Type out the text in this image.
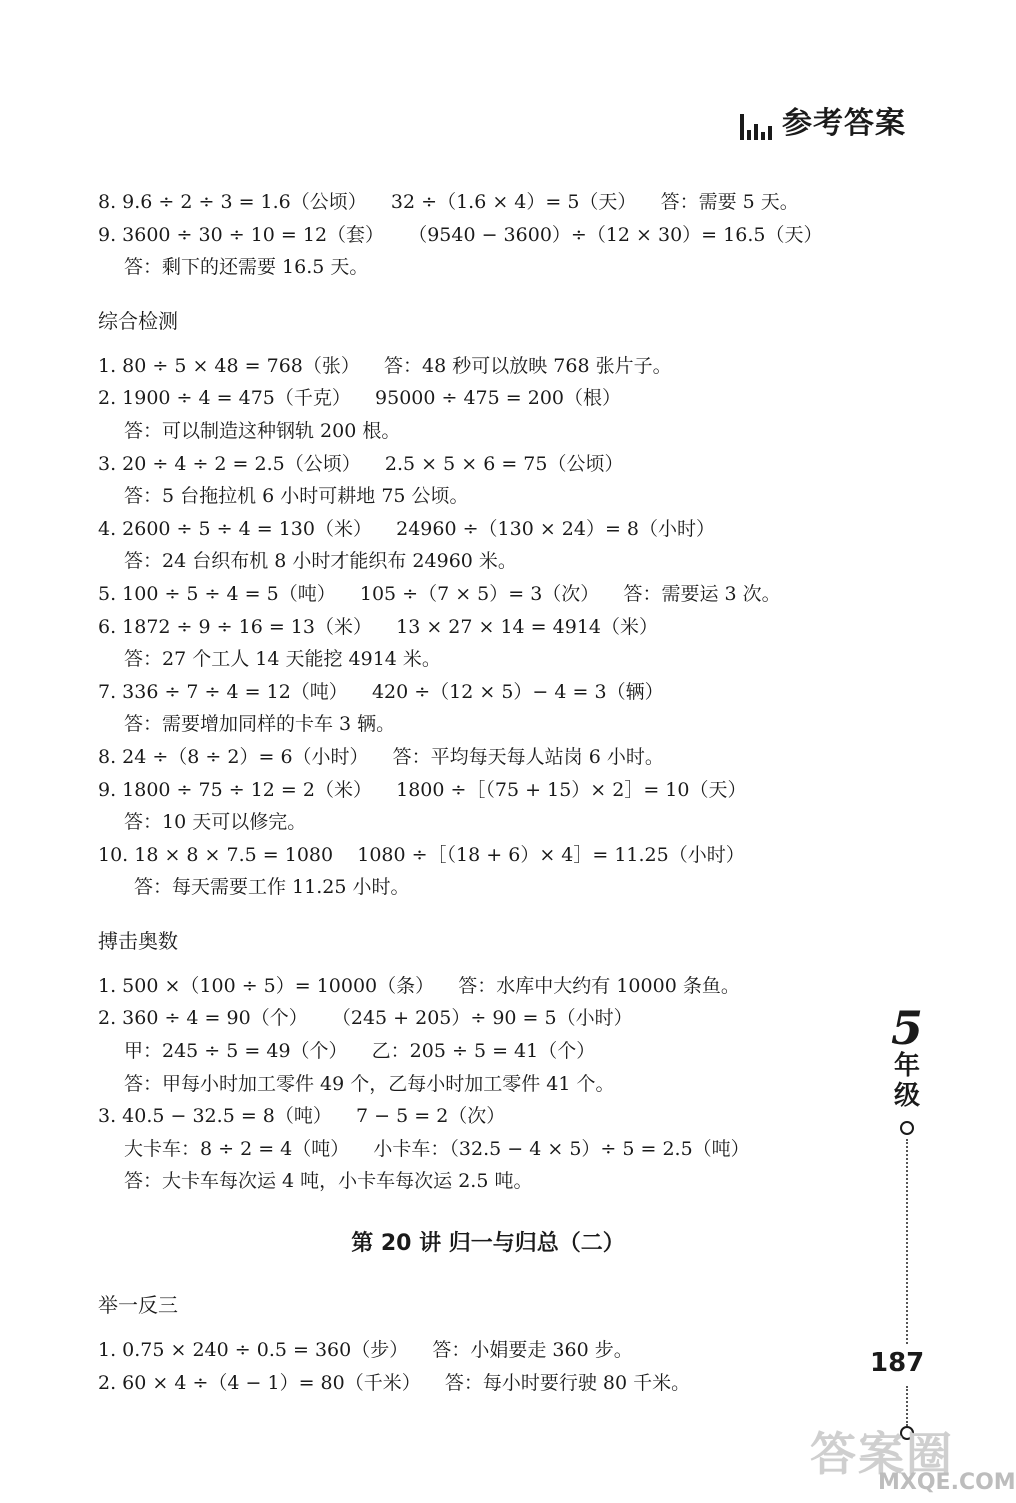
参考答案
8. 9.6 ÷ 2 ÷ 3 = 1.6（公顷）    32 ÷（1.6 × 4）= 5（天）    答：需要 5 天。
9. 3600 ÷ 30 ÷ 10 = 12（套）    （9540 − 3600）÷（12 × 30）= 16.5（天）
答：剩下的还需要 16.5 天。
综合检测
1. 80 ÷ 5 × 48 = 768（张）    答：48 秒可以放映 768 张片子。
2. 1900 ÷ 4 = 475（千克）    95000 ÷ 475 = 200（根）
答：可以制造这种钢轨 200 根。
3. 20 ÷ 4 ÷ 2 = 2.5（公顷）    2.5 × 5 × 6 = 75（公顷）
答：5 台拖拉机 6 小时可耕地 75 公顷。
4. 2600 ÷ 5 ÷ 4 = 130（米）    24960 ÷（130 × 24）= 8（小时）
答：24 台织布机 8 小时才能织布 24960 米。
5. 100 ÷ 5 ÷ 4 = 5（吨）    105 ÷（7 × 5）= 3（次）    答：需要运 3 次。
6. 1872 ÷ 9 ÷ 16 = 13（米）    13 × 27 × 14 = 4914（米）
答：27 个工人 14 天能挖 4914 米。
7. 336 ÷ 7 ÷ 4 = 12（吨）    420 ÷（12 × 5）− 4 = 3（辆）
答：需要增加同样的卡车 3 辆。
8. 24 ÷（8 ÷ 2）= 6（小时）    答：平均每天每人站岗 6 小时。
9. 1800 ÷ 75 ÷ 12 = 2（米）    1800 ÷［（75 + 15）× 2］= 10（天）
答：10 天可以修完。
10. 18 × 8 × 7.5 = 1080    1080 ÷［（18 + 6）× 4］= 11.25（小时）
答：每天需要工作 11.25 小时。
搏击奥数
1. 500 ×（100 ÷ 5）= 10000（条）    答：水库中大约有 10000 条鱼。
2. 360 ÷ 4 = 90（个）    （245 + 205）÷ 90 = 5（小时）
甲：245 ÷ 5 = 49（个）    乙：205 ÷ 5 = 41（个）
答：甲每小时加工零件 49 个，乙每小时加工零件 41 个。
3. 40.5 − 32.5 = 8（吨）    7 − 5 = 2（次）
大卡车：8 ÷ 2 = 4（吨）    小卡车：（32.5 − 4 × 5）÷ 5 = 2.5（吨）
答：大卡车每次运 4 吨，小卡车每次运 2.5 吨。
第 20 讲 归一与归总（二）
举一反三
1. 0.75 × 240 ÷ 0.5 = 360（步）    答：小娟要走 360 步。
2. 60 × 4 ÷（4 − 1）= 80（千米）    答：每小时要行驶 80 千米。
5
年
级
187
答案圈
MXQE.COM
